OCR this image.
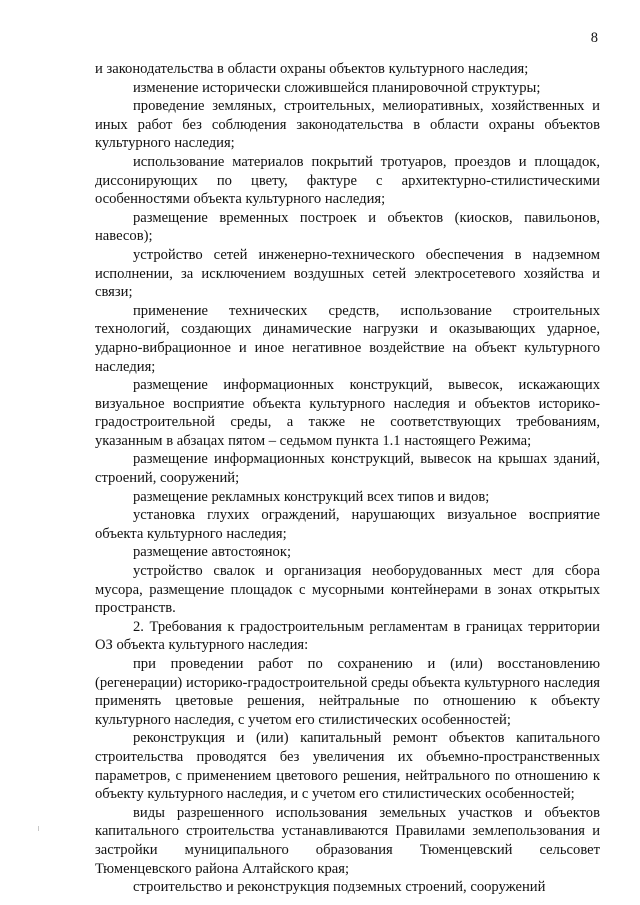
8

и законодательства в области охраны объектов культурного наследия;

изменение исторически сложившейся планировочной структуры;

проведение земляных, строительных, мелиоративных, хозяйственных и иных работ без соблюдения законодательства в области охраны объектов культурного наследия;

использование материалов покрытий тротуаров, проездов и площадок, диссонирующих по цвету, фактуре с архитектурно-стилистическими особенностями объекта культурного наследия;

размещение временных построек и объектов (киосков, павильонов, навесов);

устройство сетей инженерно-технического обеспечения в надземном исполнении, за исключением воздушных сетей электросетевого хозяйства и связи;

применение технических средств, использование строительных технологий, создающих динамические нагрузки и оказывающих ударное, ударно-вибрационное и иное негативное воздействие на объект культурного наследия;

размещение информационных конструкций, вывесок, искажающих визуальное восприятие объекта культурного наследия и объектов историко-градостроительной среды, а также не соответствующих требованиям, указанным в абзацах пятом – седьмом пункта 1.1 настоящего Режима;

размещение информационных конструкций, вывесок на крышах зданий, строений, сооружений;

размещение рекламных конструкций всех типов и видов;

установка глухих ограждений, нарушающих визуальное восприятие объекта культурного наследия;

размещение автостоянок;

устройство свалок и организация необорудованных мест для сбора мусора, размещение площадок с мусорными контейнерами в зонах открытых пространств.

2. Требования к градостроительным регламентам в границах территории ОЗ объекта культурного наследия:

при проведении работ по сохранению и (или) восстановлению (регенерации) историко-градостроительной среды объекта культурного наследия применять цветовые решения, нейтральные по отношению к объекту культурного наследия, с учетом его стилистических особенностей;

реконструкция и (или) капитальный ремонт объектов капитального строительства проводятся без увеличения их объемно-пространственных параметров, с применением цветового решения, нейтрального по отношению к объекту культурного наследия, и с учетом его стилистических особенностей;

виды разрешенного использования земельных участков и объектов капитального строительства устанавливаются Правилами землепользования и застройки муниципального образования Тюменцевский сельсовет Тюменцевского района Алтайского края;

строительство и реконструкция подземных строений, сооружений
